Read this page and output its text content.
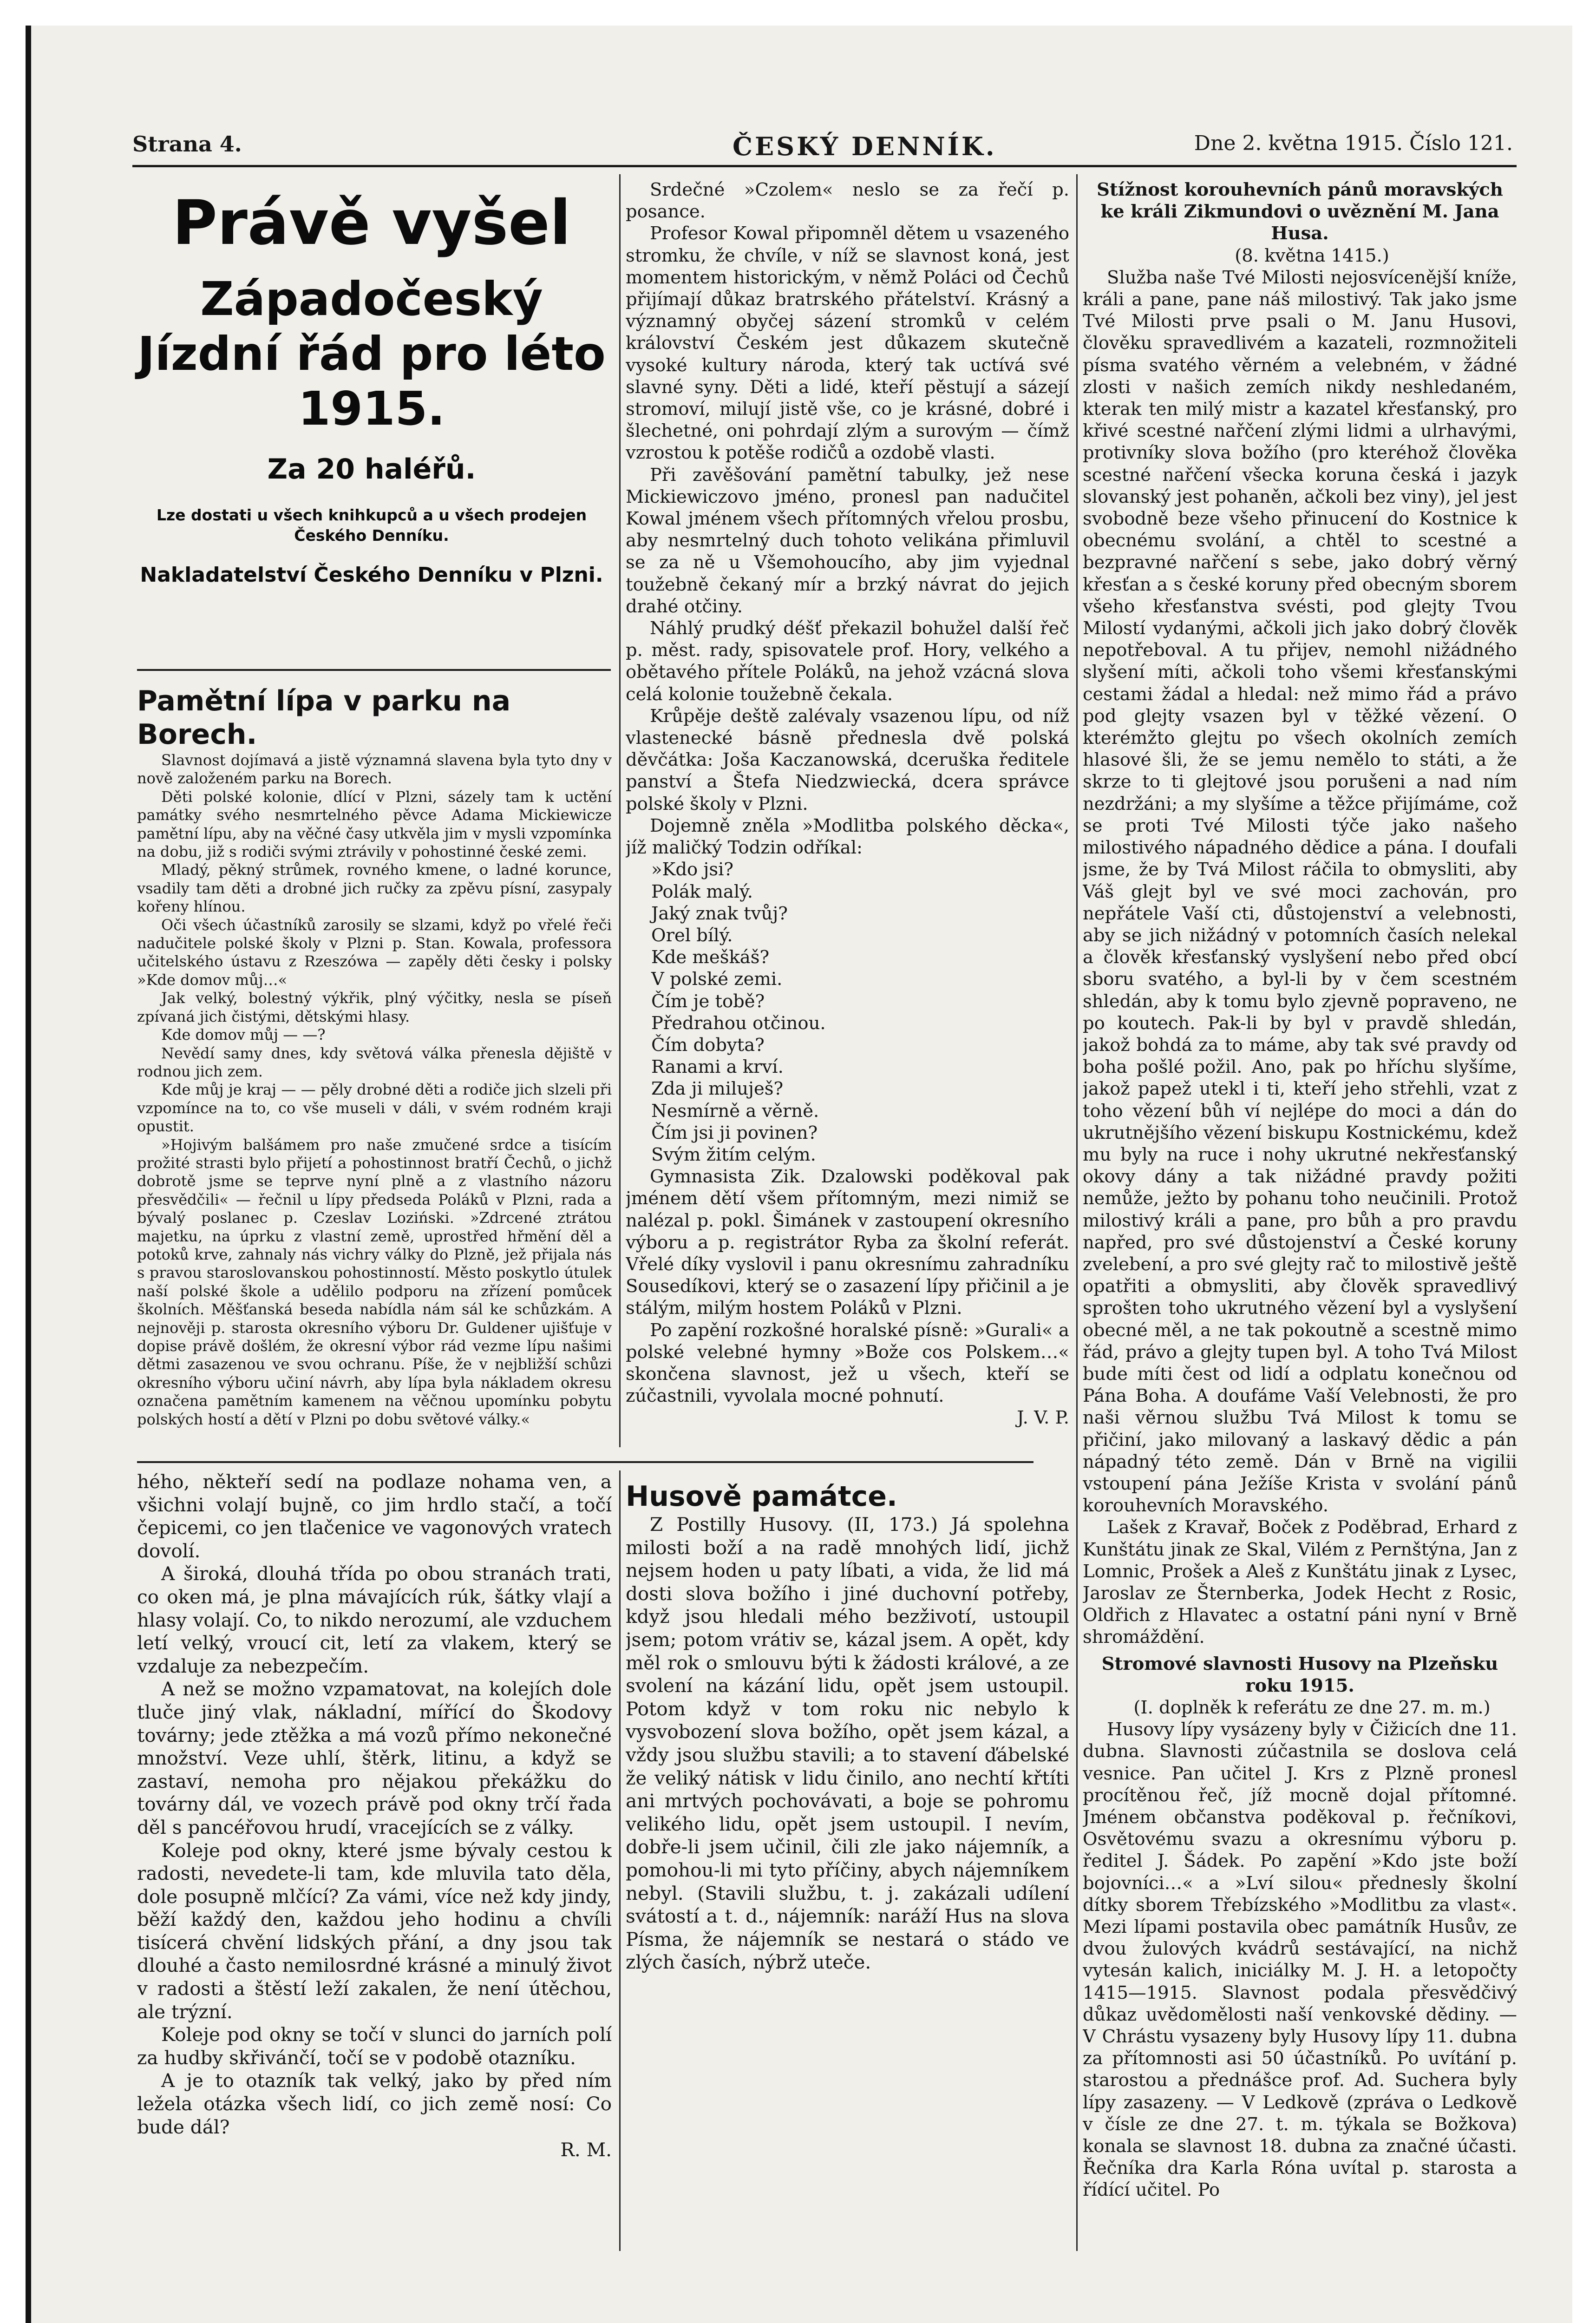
Strana 4.	ČESKÝ DENNÍK.	Dne 2. května 1915. Číslo 121.
Právě vyšel
Západočeský Jízdní řád pro léto 1915.
Za 20 haléřů.
Lze dostati u všech knihkupců a u všech prodejen Českého Denníku.
Nakladatelství Českého Denníku v Plzni.
Pamětní lípa v parku na Borech.

Slavnost dojímavá a jistě významná slavena byla tyto dny v nově založeném parku na Borech.

Děti polské kolonie, dlící v Plzni, sázely tam k uctění památky svého nesmrtelného pěvce Adama Mickiewicze pamětní lípu, aby na věčné časy utkvěla jim v mysli vzpomínka na dobu, již s rodiči svými ztrávily v pohostinné české zemi.

Mladý, pěkný strůmek, rovného kmene, o ladné korunce, vsadily tam děti a drobné jich ručky za zpěvu písní, zasypaly kořeny hlínou.

Oči všech účastníků zarosily se slzami, když po vřelé řeči nadučitele polské školy v Plzni p. Stan. Kowala, professora učitelského ústavu z Rzeszówa — zapěly děti česky i polsky »Kde domov můj…«

Jak velký, bolestný výkřik, plný výčitky, nesla se píseň zpívaná jich čistými, dětskými hlasy.

Kde domov můj — —?

Nevědí samy dnes, kdy světová válka přenesla dějiště v rodnou jich zem.

Kde můj je kraj — — pěly drobné děti a rodiče jich slzeli při vzpomínce na to, co vše museli v dáli, v svém rodném kraji opustit.

»Hojivým balšámem pro naše zmučené srdce a tisícím prožité strasti bylo přijetí a pohostinnost bratří Čechů, o jichž dobrotě jsme se teprve nyní plně a z vlastního názoru přesvědčili« — řečnil u lípy předseda Poláků v Plzni, rada a bývalý poslanec p. Czeslav Loziński. »Zdrcené ztrátou majetku, na úprku z vlastní země, uprostřed hřmění děl a potoků krve, zahnaly nás vichry války do Plzně, jež přijala nás s pravou staroslovanskou pohostinností. Město poskytlo útulek naší polské škole a udělilo podporu na zřízení pomůcek školních. Měšťanská beseda nabídla nám sál ke schůzkám. A nejnověji p. starosta okresního výboru Dr. Guldener ujišťuje v dopise právě došlém, že okresní výbor rád vezme lípu našimi dětmi zasazenou ve svou ochranu. Píše, že v nejbližší schůzi okresního výboru učiní návrh, aby lípa byla nákladem okresu označena pamětním kamenem na věčnou upomínku pobytu polských hostí a dětí v Plzni po dobu světové války.«

Srdečné »Czolem« neslo se za řečí p. posance.

Profesor Kowal připomněl dětem u vsazeného stromku, že chvíle, v níž se slavnost koná, jest momentem historickým, v němž Poláci od Čechů přijímají důkaz bratrského přátelství. Krásný a významný obyčej sázení stromků v celém království Českém jest důkazem skutečně vysoké kultury národa, který tak uctívá své slavné syny. Děti a lidé, kteří pěstují a sázejí stromoví, milují jistě vše, co je krásné, dobré i šlechetné, oni pohrdají zlým a surovým — čímž vzrostou k potěše rodičů a ozdobě vlasti.

Při zavěšování pamětní tabulky, jež nese Mickiewiczovo jméno, pronesl pan nadučitel Kowal jménem všech přítomných vřelou prosbu, aby nesmrtelný duch tohoto velikána přimluvil se za ně u Všemohoucího, aby jim vyjednal toužebně čekaný mír a brzký návrat do jejich drahé otčiny.

Náhlý prudký déšť překazil bohužel další řeč p. měst. rady, spisovatele prof. Hory, velkého a obětavého přítele Poláků, na jehož vzácná slova celá kolonie toužebně čekala.

Krůpěje deště zalévaly vsazenou lípu, od níž vlastenecké básně přednesla dvě polská děvčátka: Joša Kaczanowská, dceruška ředitele panství a Štefa Niedzwiecká, dcera správce polské školy v Plzni.

Dojemně zněla »Modlitba polského děcka«, jíž maličký Todzin odříkal:

»Kdo jsi?

Polák malý.

Jaký znak tvůj?

Orel bílý.

Kde meškáš?

V polské zemi.

Čím je tobě?

Předrahou otčinou.

Čím dobyta?

Ranami a krví.

Zda ji miluješ?

Nesmírně a věrně.

Čím jsi ji povinen?

Svým žitím celým.

Gymnasista Zik. Dzalowski poděkoval pak jménem dětí všem přítomným, mezi nimiž se nalézal p. pokl. Šimánek v zastoupení okresního výboru a p. registrátor Ryba za školní referát. Vřelé díky vyslovil i panu okresnímu zahradníku Sousedíkovi, který se o zasazení lípy přičinil a je stálým, milým hostem Poláků v Plzni.

Po zapění rozkošné horalské písně: »Gurali« a polské velebné hymny »Bože cos Polskem…« skončena slavnost, jež u všech, kteří se zúčastnili, vyvolala mocné pohnutí.

J. V. P.

hého, někteří sedí na podlaze nohama ven, a všichni volají bujně, co jim hrdlo stačí, a točí čepicemi, co jen tlačenice ve vagonových vratech dovolí.

A široká, dlouhá třída po obou stranách trati, co oken má, je plna mávajících rúk, šátky vlají a hlasy volají. Co, to nikdo nerozumí, ale vzduchem letí velký, vroucí cit, letí za vlakem, který se vzdaluje za nebezpečím.

A než se možno vzpamatovat, na kolejích dole tluče jiný vlak, nákladní, mířící do Škodovy továrny; jede ztěžka a má vozů přímo nekonečné množství. Veze uhlí, štěrk, litinu, a když se zastaví, nemoha pro nějakou překážku do továrny dál, ve vozech právě pod okny trčí řada děl s pancéřovou hrudí, vracejících se z války.

Koleje pod okny, které jsme bývaly cestou k radosti, nevedete-li tam, kde mluvila tato děla, dole posupně mlčící? Za vámi, více než kdy jindy, běží každý den, každou jeho hodinu a chvíli tisícerá chvění lidských přání, a dny jsou tak dlouhé a často nemilosrdné krásné a minulý život v radosti a štěstí leží zakalen, že není útěchou, ale trýzní.

Koleje pod okny se točí v slunci do jarních polí za hudby skřivánčí, točí se v podobě otazníku.

A je to otazník tak velký, jako by před ním ležela otázka všech lidí, co jich země nosí: Co bude dál?

R. M.

Husově památce.

Z Postilly Husovy. (II, 173.) Já spolehna milosti boží a na radě mnohých lidí, jichž nejsem hoden u paty líbati, a vida, že lid má dosti slova božího i jiné duchovní potřeby, když jsou hledali mého bezživotí, ustoupil jsem; potom vrátiv se, kázal jsem. A opět, kdy měl rok o smlouvu býti k žádosti králové, a ze svolení na kázání lidu, opět jsem ustoupil. Potom když v tom roku nic nebylo k vysvobození slova božího, opět jsem kázal, a vždy jsou službu stavili; a to stavení ďábelské že veliký nátisk v lidu činilo, ano nechtí křtíti ani mrtvých pochovávati, a boje se pohromu velikého lidu, opět jsem ustoupil. I nevím, dobře-li jsem učinil, čili zle jako nájemník, a pomohou-li mi tyto příčiny, abych nájemníkem nebyl. (Stavili službu, t. j. zakázali udílení svátostí a t. d., nájemník: naráží Hus na slova Písma, že nájemník se nestará o stádo ve zlých časích, nýbrž uteče.

Stížnost korouhevních pánů moravských ke králi Zikmundovi o uvěznění M. Jana Husa.

(8. května 1415.)

Služba naše Tvé Milosti nejosvícenější kníže, králi a pane, pane náš milostivý. Tak jako jsme Tvé Milosti prve psali o M. Janu Husovi, člověku spravedlivém a kazateli, rozmnožiteli písma svatého věrném a velebném, v žádné zlosti v našich zemích nikdy neshledaném, kterak ten milý mistr a kazatel křesťanský, pro křivé scestné nařčení zlými lidmi a ulrhavými, protivníky slova božího (pro kteréhož člověka scestné nařčení všecka koruna česká i jazyk slovanský jest pohaněn, ačkoli bez viny), jel jest svobodně beze všeho přinucení do Kostnice k obecnému svolání, a chtěl to scestné a bezpravné nařčení s sebe, jako dobrý věrný křesťan a s české koruny před obecným sborem všeho křesťanstva svésti, pod glejty Tvou Milostí vydanými, ačkoli jich jako dobrý člověk nepotřeboval. A tu přijev, nemohl nižádného slyšení míti, ačkoli toho všemi křesťanskými cestami žádal a hledal: než mimo řád a právo pod glejty vsazen byl v těžké vězení. O kterémžto glejtu po všech okolních zemích hlasové šli, že se jemu nemělo to státi, a že skrze to ti glejtové jsou porušeni a nad ním nezdržáni; a my slyšíme a těžce přijímáme, což se proti Tvé Milosti týče jako našeho milostivého nápadného dědice a pána. I doufali jsme, že by Tvá Milost ráčila to obmysliti, aby Váš glejt byl ve své moci zachován, pro nepřátele Vaší cti, důstojenství a velebnosti, aby se jich nižádný v potomních časích nelekal a člověk křesťanský vyslyšení nebo před obcí sboru svatého, a byl-li by v čem scestném shledán, aby k tomu bylo zjevně popraveno, ne po koutech. Pak-li by byl v pravdě shledán, jakož bohdá za to máme, aby tak své pravdy od boha pošlé požil. Ano, pak po hříchu slyšíme, jakož papež utekl i ti, kteří jeho střehli, vzat z toho vězení bůh ví nejlépe do moci a dán do ukrutnějšího vězení biskupu Kostnickému, kdež mu byly na ruce i nohy ukrutné nekřesťanský okovy dány a tak nižádné pravdy požiti nemůže, ježto by pohanu toho neučinili. Protož milostivý králi a pane, pro bůh a pro pravdu napřed, pro své důstojenství a České koruny zvelebení, a pro své glejty rač to milostivě ještě opatřiti a obmysliti, aby člověk spravedlivý sprošten toho ukrutného vězení byl a vyslyšení obecné měl, a ne tak pokoutně a scestně mimo řád, právo a glejty tupen byl. A toho Tvá Milost bude míti čest od lidí a odplatu konečnou od Pána Boha. A doufáme Vaší Velebnosti, že pro naši věrnou službu Tvá Milost k tomu se přičiní, jako milovaný a laskavý dědic a pán nápadný této země. Dán v Brně na vigilii vstoupení pána Ježíše Krista v svolání pánů korouhevních Moravského.

Lašek z Kravař, Boček z Poděbrad, Erhard z Kunštátu jinak ze Skal, Vilém z Pernštýna, Jan z Lomnic, Prošek a Aleš z Kunštátu jinak z Lysec, Jaroslav ze Šternberka, Jodek Hecht z Rosic, Oldřich z Hlavatec a ostatní páni nyní v Brně shromáždění.

Stromové slavnosti Husovy na Plzeňsku roku 1915.

(I. doplněk k referátu ze dne 27. m. m.)

Husovy lípy vysázeny byly v Čižicích dne 11. dubna. Slavnosti zúčastnila se doslova celá vesnice. Pan učitel J. Krs z Plzně pronesl procítěnou řeč, jíž mocně dojal přítomné. Jménem občanstva poděkoval p. řečníkovi, Osvětovému svazu a okresnímu výboru p. ředitel J. Šádek. Po zapění »Kdo jste boží bojovníci…« a »Lví silou« přednesly školní dítky sborem Třebízského »Modlitbu za vlast«. Mezi lípami postavila obec památník Husův, ze dvou žulových kvádrů sestávající, na nichž vytesán kalich, iniciálky M. J. H. a letopočty 1415—1915. Slavnost podala přesvědčivý důkaz uvědomělosti naší venkovské dědiny. — V Chrástu vysazeny byly Husovy lípy 11. dubna za přítomnosti asi 50 účastníků. Po uvítání p. starostou a přednášce prof. Ad. Suchera byly lípy zasazeny. — V Ledkově (zpráva o Ledkově v čísle ze dne 27. t. m. týkala se Božkova) konala se slavnost 18. dubna za značné účasti. Řečníka dra Karla Róna uvítal p. starosta a řídící učitel. Po
